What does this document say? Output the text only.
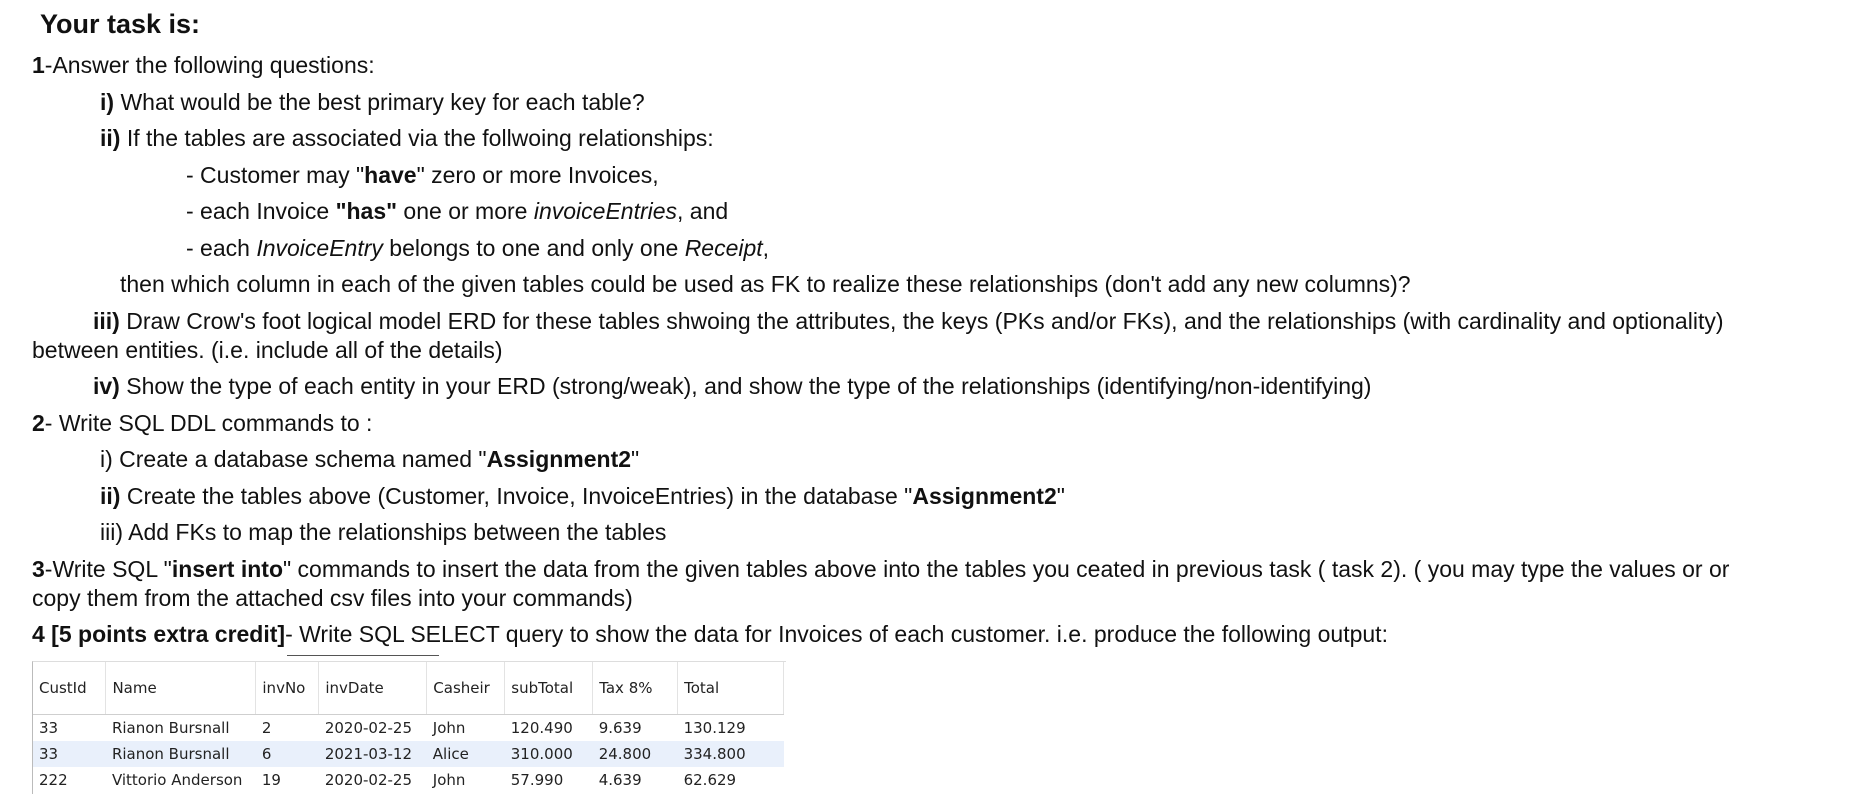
Your task is:
1-Answer the following questions:
i) What would be the best primary key for each table?
ii) If the tables are associated via the follwoing relationships:
- Customer may "have" zero or more Invoices,
- each Invoice "has" one or more invoiceEntries, and
- each InvoiceEntry belongs to one and only one Receipt,
then which column in each of the given tables could be used as FK to realize these relationships (don't add any new columns)?
iii) Draw Crow's foot logical model ERD for these tables shwoing the attributes, the keys (PKs and/or FKs), and the relationships (with cardinality and optionality)
between entities. (i.e. include all of the details)
iv) Show the type of each entity in your ERD (strong/weak), and show the type of the relationships (identifying/non-identifying)
2- Write SQL DDL commands to :
i) Create a database schema named "Assignment2"
ii) Create the tables above (Customer, Invoice, InvoiceEntries) in the database "Assignment2"
iii) Add FKs to map the relationships between the tables
3-Write SQL "insert into" commands to insert the data from the given tables above into the tables you ceated in previous task ( task 2). ( you may type the values or or
copy them from the attached csv files into your commands)
4 [5 points extra credit]- Write SQL SELECT query to show the data for Invoices of each customer. i.e. produce the following output:
CustId	Name	invNo	invDate	Casheir	subTotal	Tax 8%	Total
33	Rianon Bursnall	2	2020-02-25	John	120.490	9.639	130.129
33	Rianon Bursnall	6	2021-03-12	Alice	310.000	24.800	334.800
222	Vittorio Anderson	19	2020-02-25	John	57.990	4.639	62.629
